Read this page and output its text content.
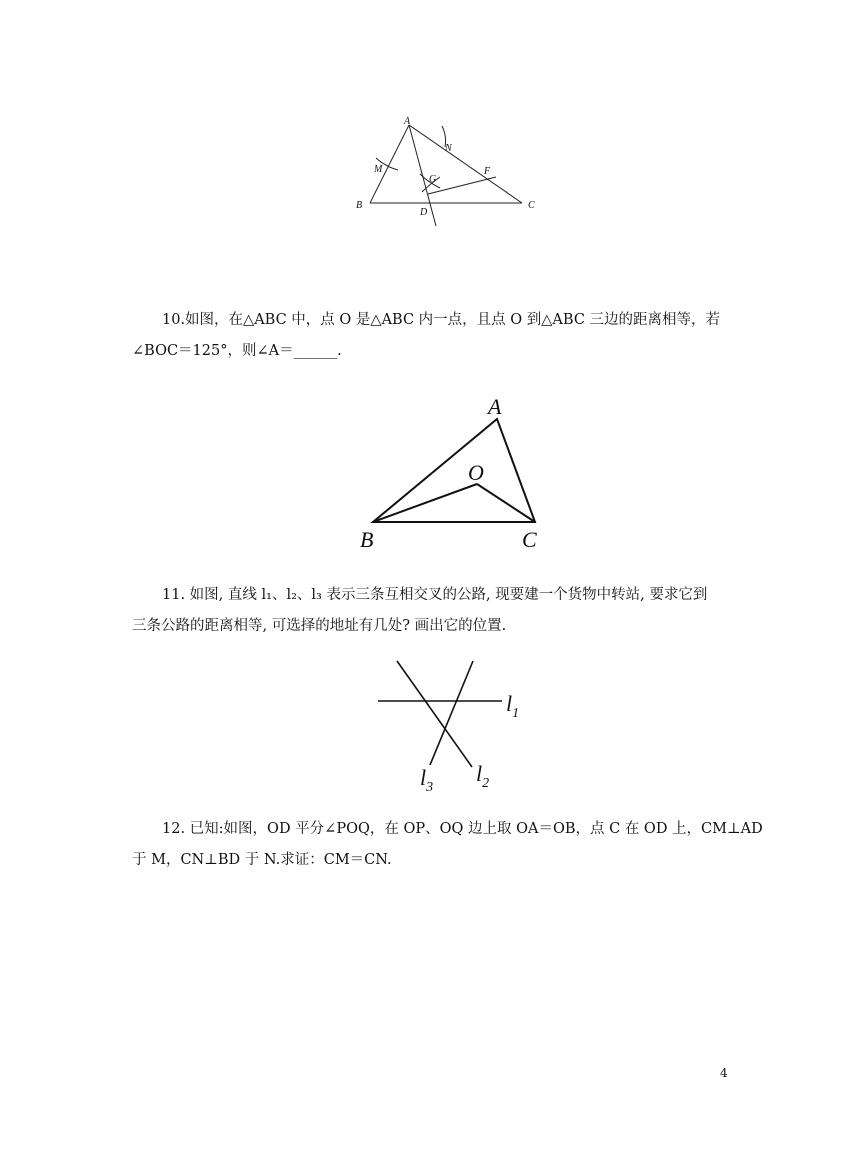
A
B	C
D
F
G
M
N
10.如图，在△ABC 中，点 O 是△ABC 内一点，且点 O 到△ABC 三边的距离相等，若
∠BOC＝125°，则∠A＝______.
A
B	C
O
11. 如图, 直线 l₁、l₂、l₃ 表示三条互相交叉的公路, 现要建一个货物中转站, 要求它到
三条公路的距离相等, 可选择的地址有几处? 画出它的位置.
$l_1$
$l_3$
$l_2$
12. 已知:如图，OD 平分∠POQ，在 OP、OQ 边上取 OA＝OB，点 C 在 OD 上，CM⊥AD
于 M，CN⊥BD 于 N.求证：CM＝CN.
4
